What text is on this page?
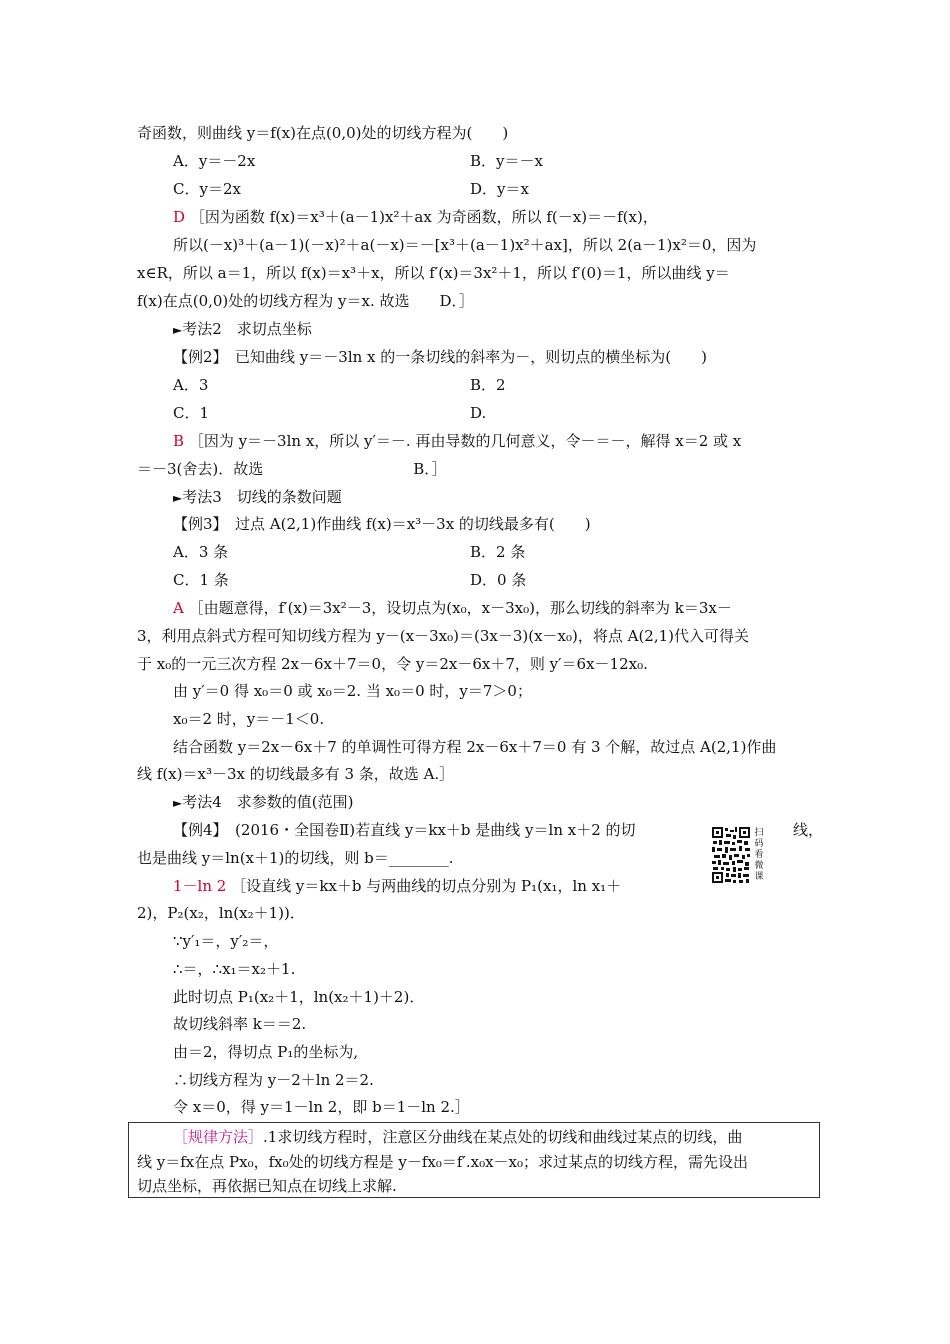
奇函数，则曲线 y＝f(x)在点(0,0)处的切线方程为(　　)
A．y＝－2x	B．y＝－x
C．y＝2x	D．y＝x
D ［因为函数 f(x)＝x³＋(a－1)x²＋ax 为奇函数，所以 f(－x)＝－f(x)，
所以(－x)³＋(a－1)(－x)²＋a(－x)＝－[x³＋(a－1)x²＋ax]，所以 2(a－1)x²＝0，因为
x∈R，所以 a＝1，所以 f(x)＝x³＋x，所以 f′(x)＝3x²＋1，所以 f′(0)＝1，所以曲线 y＝
f(x)在点(0,0)处的切线方程为 y＝x. 故选　　D．］
►考法2　求切点坐标
【例2】　已知曲线 y＝－3ln x 的一条切线的斜率为－，则切点的横坐标为(　　)
A．3	B．2
C．1	D.
B ［因为 y＝－3ln x，所以 y′＝－. 再由导数的几何意义，令－＝－，解得 x＝2 或 x
＝－3(舍去)．故选　　　　　　　　　　B．］
►考法3　切线的条数问题
【例3】　过点 A(2,1)作曲线 f(x)＝x³－3x 的切线最多有(　　)
A．3 条	B．2 条
C．1 条	D．0 条
A ［由题意得，f′(x)＝3x²－3，设切点为(x₀，x－3x₀)，那么切线的斜率为 k＝3x－
3，利用点斜式方程可知切线方程为 y－(x－3x₀)＝(3x－3)(x－x₀)，将点 A(2,1)代入可得关
于 x₀的一元三次方程 2x－6x＋7＝0，令 y＝2x－6x＋7，则 y′＝6x－12x₀.
由 y′＝0 得 x₀＝0 或 x₀＝2. 当 x₀＝0 时，y＝7＞0；
x₀＝2 时，y＝－1＜0.
结合函数 y＝2x－6x＋7 的单调性可得方程 2x－6x＋7＝0 有 3 个解，故过点 A(2,1)作曲
线 f(x)＝x³－3x 的切线最多有 3 条，故选 A.］
►考法4　求参数的值(范围)
【例4】　(2016・全国卷Ⅱ)若直线 y＝kx＋b 是曲线 y＝ln x＋2 的切	线，
也是曲线 y＝ln(x＋1)的切线，则 b＝________.
扫码看微课
1－ln 2 ［设直线 y＝kx＋b 与两曲线的切点分别为 P₁(x₁，ln x₁＋
2)，P₂(x₂，ln(x₂＋1))．
∵y′₁＝，y′₂＝，
∴＝，∴x₁＝x₂＋1.
此时切点 P₁(x₂＋1，ln(x₂＋1)＋2)．
故切线斜率 k＝＝2.
由＝2，得切点 P₁的坐标为,
∴切线方程为 y－2＋ln 2＝2.
令 x＝0，得 y＝1－ln 2，即 b＝1－ln 2.］
［规律方法］.1求切线方程时，注意区分曲线在某点处的切线和曲线过某点的切线，曲
线 y＝fx在点 Px₀，fx₀处的切线方程是 y－fx₀＝f′.x₀x－x₀；求过某点的切线方程，需先设出
切点坐标，再依据已知点在切线上求解.
